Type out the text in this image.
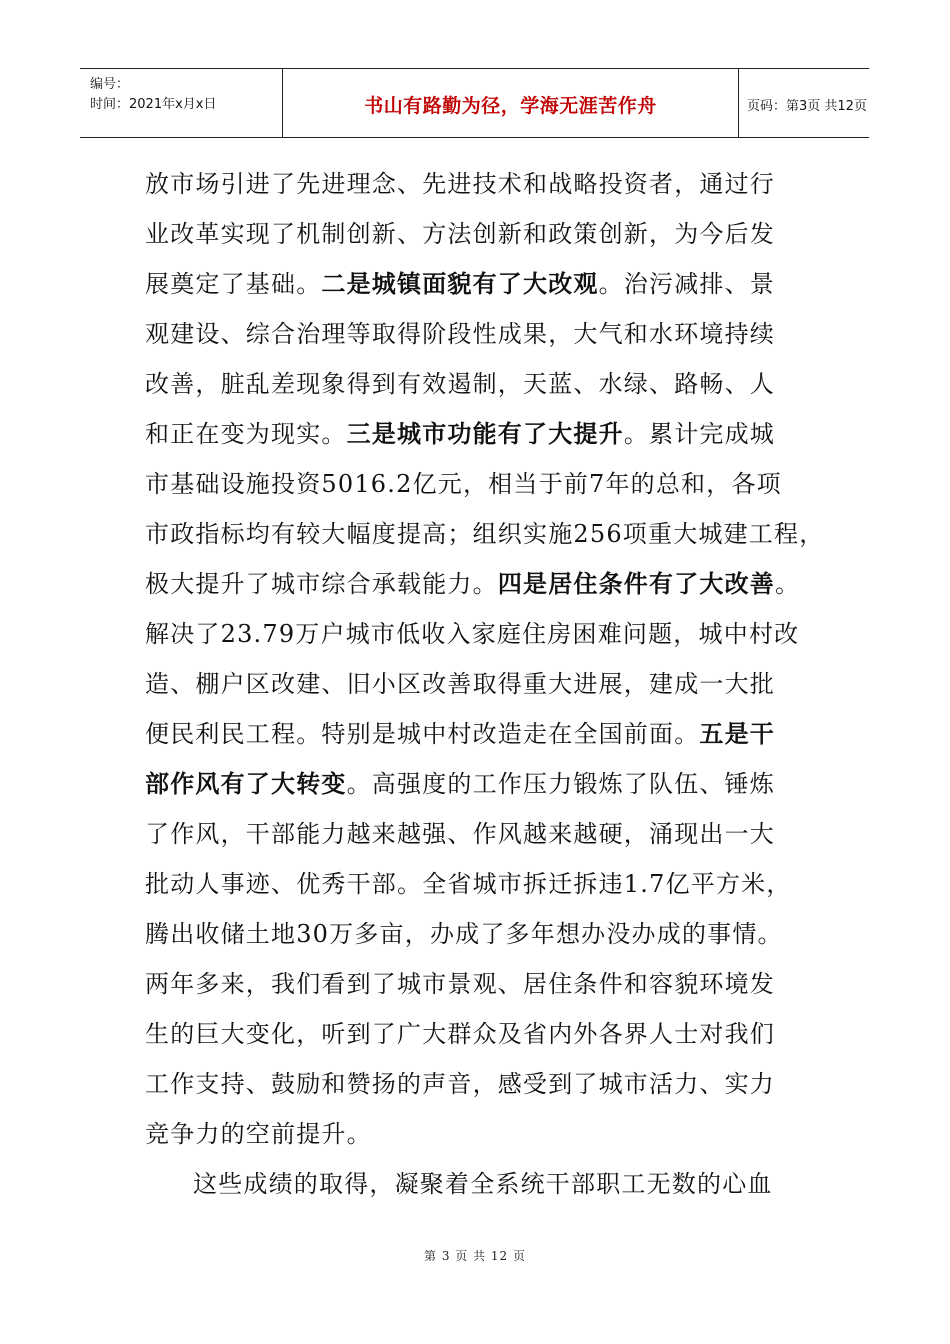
编号：
时间：2021年x月x日	书山有路勤为径，学海无涯苦作舟	页码：第3页 共12页
放市场引进了先进理念、先进技术和战略投资者，通过行
业改革实现了机制创新、方法创新和政策创新，为今后发
展奠定了基础。二是城镇面貌有了大改观。治污减排、景
观建设、综合治理等取得阶段性成果，大气和水环境持续
改善，脏乱差现象得到有效遏制，天蓝、水绿、路畅、人
和正在变为现实。三是城市功能有了大提升。累计完成城
市基础设施投资5016.2亿元，相当于前7年的总和，各项
市政指标均有较大幅度提高；组织实施256项重大城建工程，
极大提升了城市综合承载能力。四是居住条件有了大改善。
解决了23.79万户城市低收入家庭住房困难问题，城中村改
造、棚户区改建、旧小区改善取得重大进展，建成一大批
便民利民工程。特别是城中村改造走在全国前面。五是干
部作风有了大转变。高强度的工作压力锻炼了队伍、锤炼
了作风，干部能力越来越强、作风越来越硬，涌现出一大
批动人事迹、优秀干部。全省城市拆迁拆违1.7亿平方米，
腾出收储土地30万多亩，办成了多年想办没办成的事情。
两年多来，我们看到了城市景观、居住条件和容貌环境发
生的巨大变化，听到了广大群众及省内外各界人士对我们
工作支持、鼓励和赞扬的声音，感受到了城市活力、实力
竞争力的空前提升。
这些成绩的取得，凝聚着全系统干部职工无数的心血
第 3 页 共 12 页
